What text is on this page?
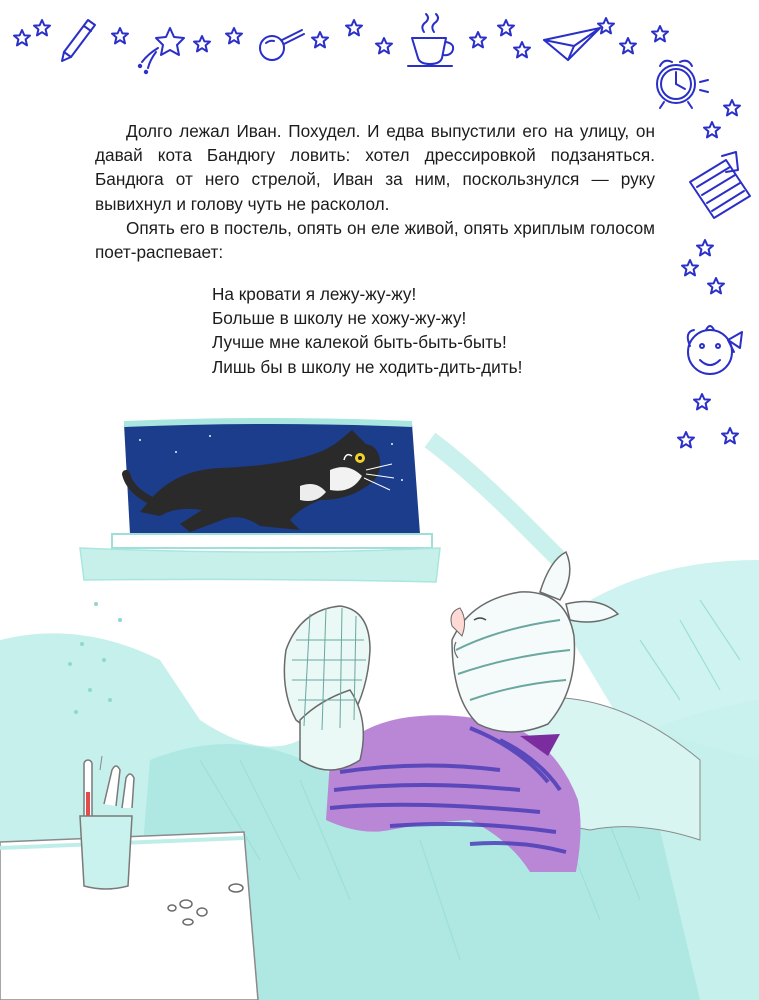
Долго лежал Иван. Похудел. И едва выпустили его на улицу, он давай кота Бандюгу ловить: хотел дрессировкой подзаняться. Бандюга от него стрелой, Иван за ним, поскользнулся — руку вывихнул и голову чуть не расколол.

Опять его в постель, опять он еле живой, опять хриплым голосом поет-распевает:

На кровати я лежу-жу-жу!
Больше в школу не хожу-жу-жу!
Лучше мне калекой быть-быть-быть!
Лишь бы в школу не ходить-дить-дить!
